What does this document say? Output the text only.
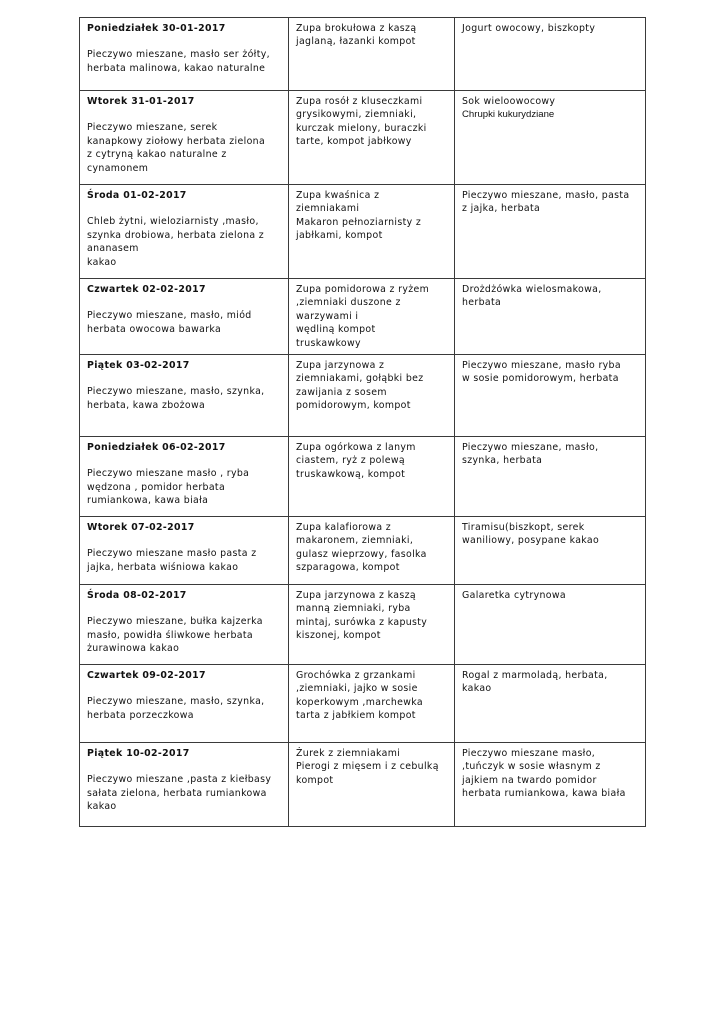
Poniedziałek 30-01-2017
Pieczywo mieszane, masło ser żółty,
herbata malinowa, kakao naturalne	Zupa brokułowa z kaszą
jaglaną, łazanki kompot	Jogurt owocowy, biszkopty

Wtorek 31-01-2017
Pieczywo mieszane, serek
kanapkowy ziołowy herbata zielona
z cytryną kakao naturalne z
cynamonem	Zupa rosół z kluseczkami
grysikowymi, ziemniaki,
kurczak mielony, buraczki
tarte, kompot jabłkowy	Sok wieloowocowy
Chrupki kukurydziane

Środa 01-02-2017
Chleb żytni, wieloziarnisty ,masło,
szynka drobiowa, herbata zielona z
ananasem
kakao	Zupa kwaśnica z
ziemniakami
Makaron pełnoziarnisty z
jabłkami, kompot	Pieczywo mieszane, masło, pasta
z jajka, herbata

Czwartek 02-02-2017
Pieczywo mieszane, masło, miód
herbata owocowa bawarka	Zupa pomidorowa z ryżem
,ziemniaki duszone z
warzywami i
wędliną kompot
truskawkowy	Drożdżówka wielosmakowa,
herbata

Piątek 03-02-2017
Pieczywo mieszane, masło, szynka,
herbata, kawa zbożowa	Zupa jarzynowa z
ziemniakami, gołąbki bez
zawijania z sosem
pomidorowym, kompot	Pieczywo mieszane, masło ryba
w sosie pomidorowym, herbata

Poniedziałek 06-02-2017
Pieczywo mieszane masło , ryba
wędzona , pomidor herbata
rumiankowa, kawa biała	Zupa ogórkowa z lanym
ciastem, ryż z polewą
truskawkową, kompot	Pieczywo mieszane, masło,
szynka, herbata

Wtorek 07-02-2017
Pieczywo mieszane masło pasta z
jajka, herbata wiśniowa kakao	Zupa kalafiorowa z
makaronem, ziemniaki,
gulasz wieprzowy, fasolka
szparagowa, kompot	Tiramisu(biszkopt, serek
waniliowy, posypane kakao

Środa 08-02-2017
Pieczywo mieszane, bułka kajzerka
masło, powidła śliwkowe herbata
żurawinowa kakao	Zupa jarzynowa z kaszą
manną ziemniaki, ryba
mintaj, surówka z kapusty
kiszonej, kompot	Galaretka cytrynowa

Czwartek 09-02-2017
Pieczywo mieszane, masło, szynka,
herbata porzeczkowa	Grochówka z grzankami
,ziemniaki, jajko w sosie
koperkowym ,marchewka
tarta z jabłkiem kompot	Rogal z marmoladą, herbata,
kakao

Piątek 10-02-2017
Pieczywo mieszane ,pasta z kiełbasy
sałata zielona, herbata rumiankowa
kakao	Żurek z ziemniakami
Pierogi z mięsem i z cebulką
kompot	Pieczywo mieszane masło,
,tuńczyk w sosie własnym z
jajkiem na twardo pomidor
herbata rumiankowa, kawa biała
